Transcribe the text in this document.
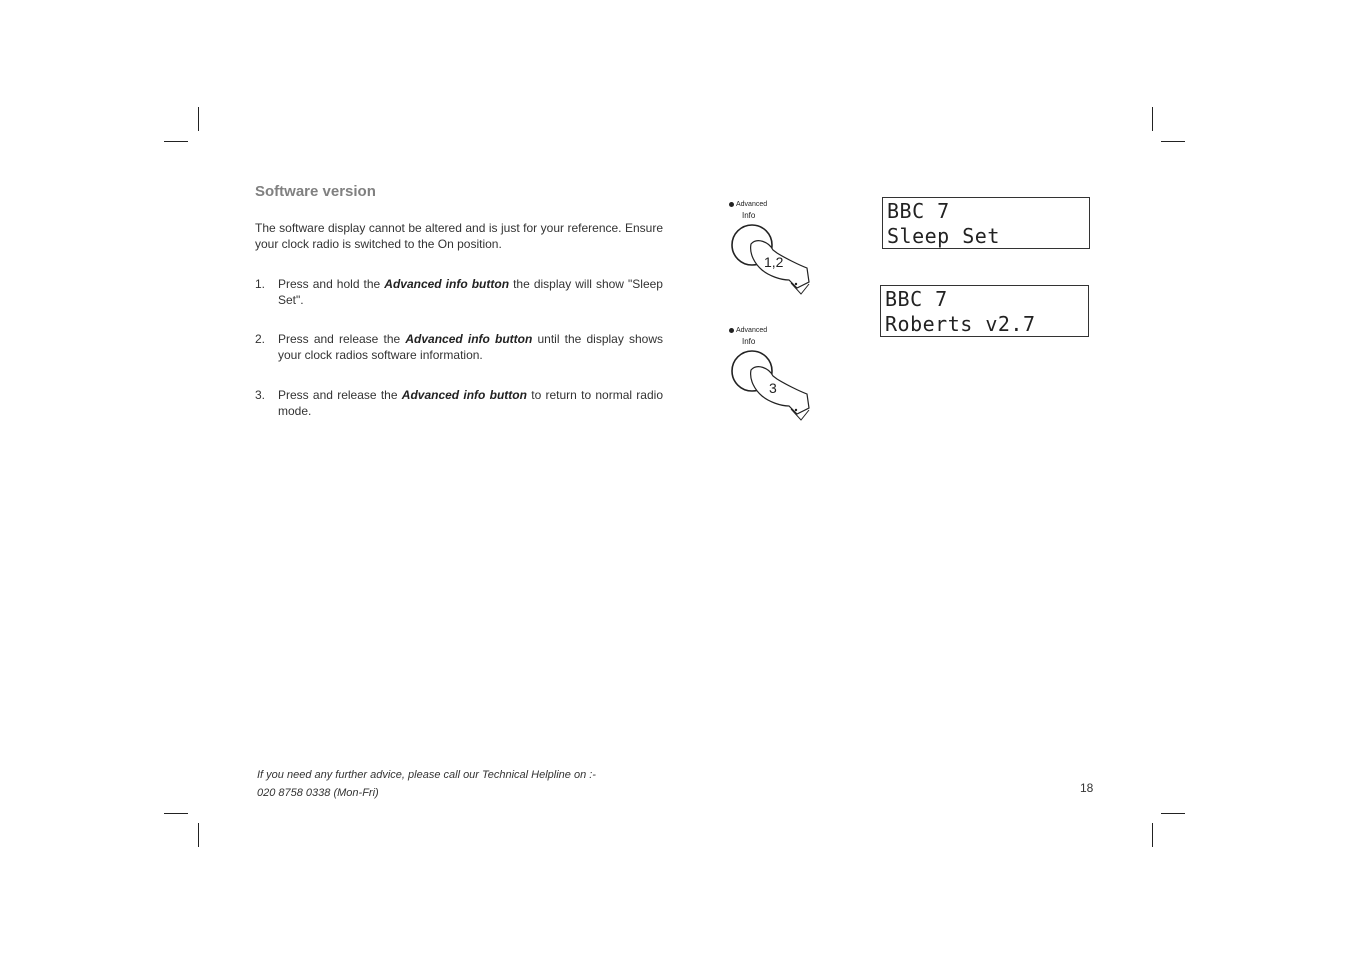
Software version

The software display cannot be altered and is just for your reference. Ensure your clock radio is switched to the On position.

1. Press and hold the Advanced info button the display will show "Sleep Set".
2. Press and release the Advanced info button until the display shows your clock radios software information.
3. Press and release the Advanced info button to return to normal radio mode.
Advanced
Info
1,2
Advanced
Info
3
BBC 7
Sleep Set
BBC 7
Roberts v2.7
If you need any further advice, please call our Technical Helpline on :-
020 8758 0338 (Mon-Fri)	18
